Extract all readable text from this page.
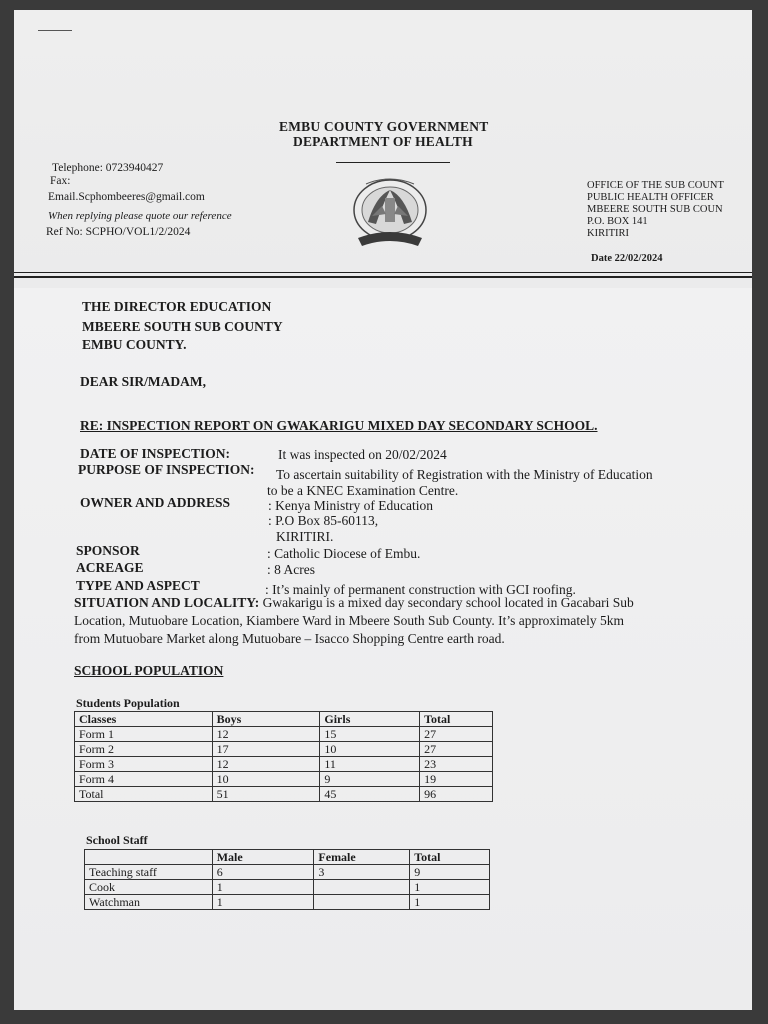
EMBU COUNTY GOVERNMENT
DEPARTMENT OF HEALTH
Telephone: 0723940427
Fax:
Email.Scphombeeres@gmail.com
When replying please quote our reference
Ref No: SCPHO/VOL1/2/2024
OFFICE OF THE SUB COUNT
PUBLIC HEALTH OFFICER
MBEERE SOUTH SUB COUN
P.O. BOX 141
KIRITIRI
Date 22/02/2024
THE DIRECTOR EDUCATION
MBEERE SOUTH SUB COUNTY
EMBU COUNTY.
DEAR SIR/MADAM,
RE: INSPECTION REPORT ON GWAKARIGU MIXED DAY SECONDARY SCHOOL.
DATE OF INSPECTION:	It was inspected on 20/02/2024
PURPOSE OF INSPECTION: To ascertain suitability of Registration with the Ministry of Education
to be a KNEC Examination Centre.
OWNER AND ADDRESS	: Kenya Ministry of Education
: P.O Box 85-60113,
KIRITIRI.
SPONSOR	: Catholic Diocese of Embu.
ACREAGE	: 8 Acres
TYPE AND ASPECT	: It’s mainly of permanent construction with GCI roofing.
SITUATION AND LOCALITY: Gwakarigu is a mixed day secondary school located in Gacabari Sub
Location, Mutuobare Location, Kiambere Ward in Mbeere South Sub County. It’s approximately 5km
from Mutuobare Market along Mutuobare – Isacco Shopping Centre earth road.
SCHOOL POPULATION
Students Population
Classes	Boys	Girls	Total
Form 1	12	15	27
Form 2	17	10	27
Form 3	12	11	23
Form 4	10	9	19
Total	51	45	96
School Staff
	Male	Female	Total
Teaching staff	6	3	9
Cook	1		1
Watchman	1		1
